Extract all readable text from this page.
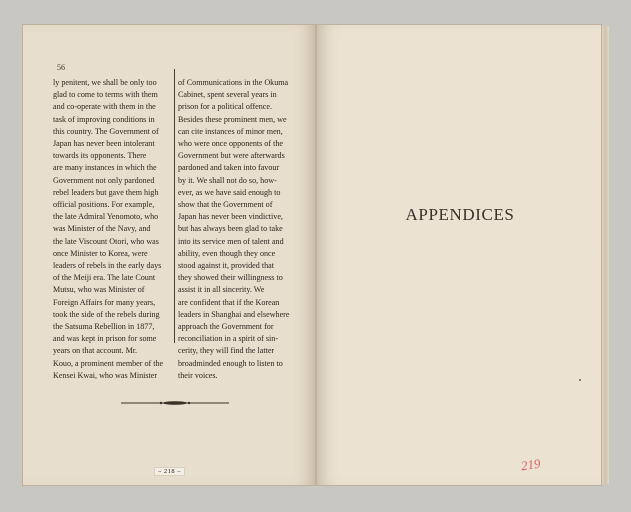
56
ly penitent, we shall be only too
glad to come to terms with them
and co-operate with them in the
task of improving conditions in
this country. The Government of
Japan has never been intolerant
towards its opponents. There
are many instances in which the
Government not only pardoned
rebel leaders but gave them high
official positions. For example,
the late Admiral Yenomoto, who
was Minister of the Navy, and
the late Viscount Otori, who was
once Minister to Korea, were
leaders of rebels in the early days
of the Meiji era. The late Count
Mutsu, who was Minister of
Foreign Affairs for many years,
took the side of the rebels during
the Satsuma Rebellion in 1877,
and was kept in prison for some
years on that account. Mr.
Kouo, a prominent member of the
Kensei Kwai, who was Minister
of Communications in the Okuma
Cabinet, spent several years in
prison for a political offence.
Besides these prominent men, we
can cite instances of minor men,
who were once opponents of the
Government but were afterwards
pardoned and taken into favour
by it. We shall not do so, how-
ever, as we have said enough to
show that the Government of
Japan has never been vindictive,
but has always been glad to take
into its service men of talent and
ability, even though they once
stood against it, provided that
they showed their willingness to
assist it in all sincerity. We
are confident that if the Korean
leaders in Shanghai and elsewhere
approach the Government for
reconciliation in a spirit of sin-
cerity, they will find the latter
broadminded enough to listen to
their voices.
– 218 –
APPENDICES
219
